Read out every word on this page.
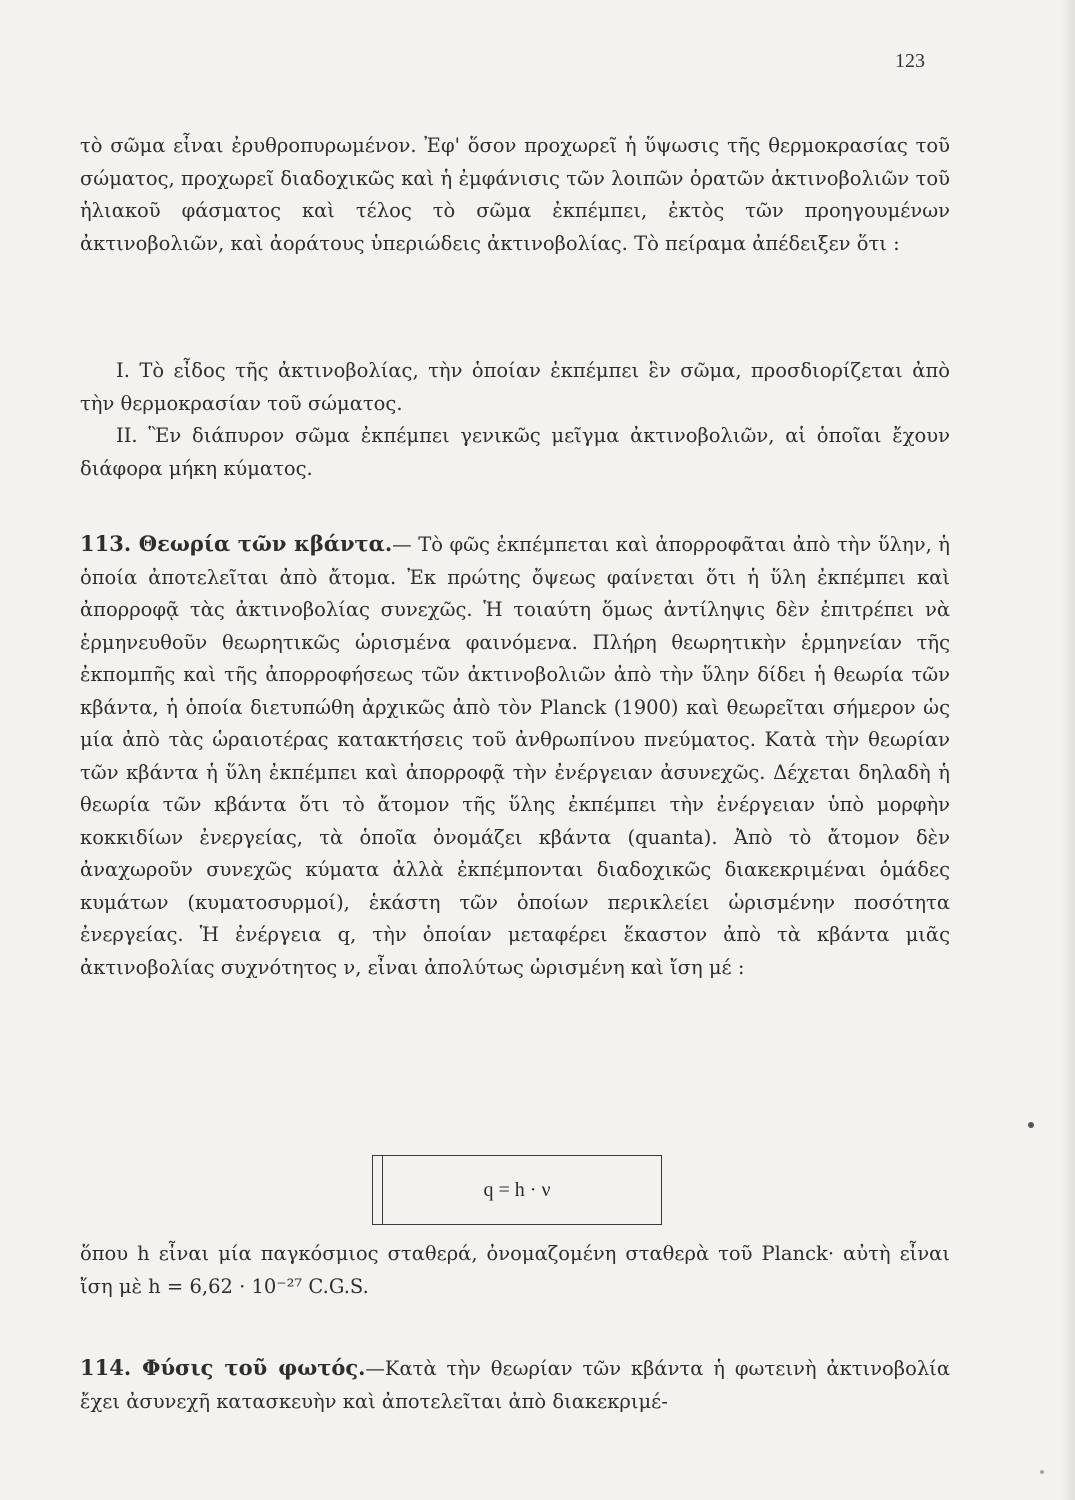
123
τὸ σῶμα εἶναι ἐρυθροπυρωμένον. Ἐφ' ὅσον προχωρεῖ ἡ ὕψωσις τῆς θερμοκρασίας τοῦ σώματος, προχωρεῖ διαδοχικῶς καὶ ἡ ἐμφάνισις τῶν λοιπῶν ὁρατῶν ἀκτινοβολιῶν τοῦ ἡλιακοῦ φάσματος καὶ τέλος τὸ σῶμα ἐκπέμπει, ἐκτὸς τῶν προηγουμένων ἀκτινοβολιῶν, καὶ ἀοράτους ὑπεριώδεις ἀκτινοβολίας. Τὸ πείραμα ἀπέδειξεν ὅτι :
I. Τὸ εἶδος τῆς ἀκτινοβολίας, τὴν ὁποίαν ἐκπέμπει ἓν σῶμα, προσδιορίζεται ἀπὸ τὴν θερμοκρασίαν τοῦ σώματος.
II. Ἓν διάπυρον σῶμα ἐκπέμπει γενικῶς μεῖγμα ἀκτινοβολιῶν, αἱ ὁποῖαι ἔχουν διάφορα μήκη κύματος.
113. Θεωρία τῶν κβάντα.— Τὸ φῶς ἐκπέμπεται καὶ ἀπορροφᾶται ἀπὸ τὴν ὕλην, ἡ ὁποία ἀποτελεῖται ἀπὸ ἄτομα. Ἐκ πρώτης ὄψεως φαίνεται ὅτι ἡ ὕλη ἐκπέμπει καὶ ἀπορροφᾷ τὰς ἀκτινοβολίας συνεχῶς. Ἡ τοιαύτη ὅμως ἀντίληψις δὲν ἐπιτρέπει νὰ ἑρμηνευθοῦν θεωρητικῶς ὡρισμένα φαινόμενα. Πλήρη θεωρητικὴν ἑρμηνείαν τῆς ἐκπομπῆς καὶ τῆς ἀπορροφήσεως τῶν ἀκτινοβολιῶν ἀπὸ τὴν ὕλην δίδει ἡ θεωρία τῶν κβάντα, ἡ ὁποία διετυπώθη ἀρχικῶς ἀπὸ τὸν Planck (1900) καὶ θεωρεῖται σήμερον ὡς μία ἀπὸ τὰς ὡραιοτέρας κατακτήσεις τοῦ ἀνθρωπίνου πνεύματος. Κατὰ τὴν θεωρίαν τῶν κβάντα ἡ ὕλη ἐκπέμπει καὶ ἀπορροφᾷ τὴν ἐνέργειαν ἀσυνεχῶς. Δέχεται δηλαδὴ ἡ θεωρία τῶν κβάντα ὅτι τὸ ἄτομον τῆς ὕλης ἐκπέμπει τὴν ἐνέργειαν ὑπὸ μορφὴν κοκκιδίων ἐνεργείας, τὰ ὁποῖα ὀνομάζει κβάντα (quanta). Ἀπὸ τὸ ἄτομον δὲν ἀναχωροῦν συνεχῶς κύματα ἀλλὰ ἐκπέμπονται διαδοχικῶς διακεκριμέναι ὁμάδες κυμάτων (κυματοσυρμοί), ἑκάστη τῶν ὁποίων περικλείει ὡρισμένην ποσότητα ἐνεργείας. Ἡ ἐνέργεια q, τὴν ὁποίαν μεταφέρει ἕκαστον ἀπὸ τὰ κβάντα μιᾶς ἀκτινοβολίας συχνότητος ν, εἶναι ἀπολύτως ὡρισμένη καὶ ἴση μέ :
q = h · ν
ὅπου h εἶναι μία παγκόσμιος σταθερά, ὀνομαζομένη σταθερὰ τοῦ Planck· αὐτὴ εἶναι ἴση μὲ h = 6,62 · 10⁻²⁷ C.G.S.
114. Φύσις τοῦ φωτός.—Κατὰ τὴν θεωρίαν τῶν κβάντα ἡ φωτεινὴ ἀκτινοβολία ἔχει ἀσυνεχῆ κατασκευὴν καὶ ἀποτελεῖται ἀπὸ διακεκριμέ-
